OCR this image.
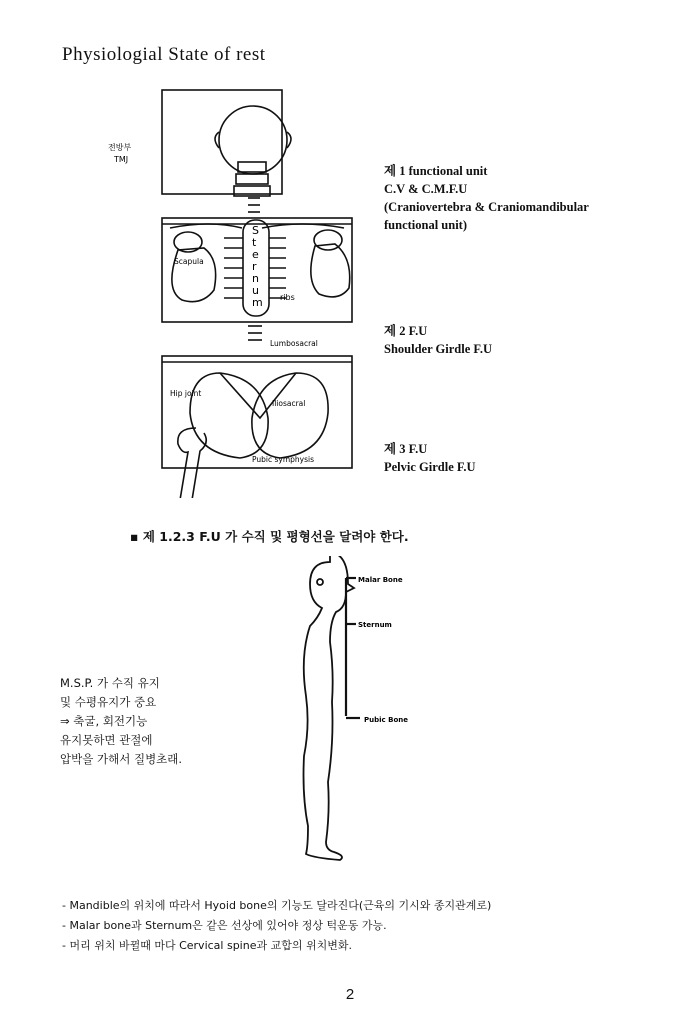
Physiologial State of rest
전방부
TMJ
Scapula
S
t
e
r
n
u
m ribs
Lumbosacral
Hip joint
Iliosacral
Pubic symphysis
제 1 functional unit
C.V & C.M.F.U
(Craniovertebra & Craniomandibular
functional unit)
제 2 F.U
Shoulder Girdle F.U
제 3 F.U
Pelvic Girdle F.U
▪ 제 1.2.3 F.U 가 수직 및 평형선을 달려야 한다.
Malar Bone
Sternum
Pubic Bone
M.S.P. 가 수직 유지
및 수평유지가 중요
⇒ 축굴, 회전기능
유지못하면 관절에
압박을 가해서 질병초래.
- Mandible의 위치에 따라서 Hyoid bone의 기능도 달라진다(근육의 기시와 종지관계로)
- Malar bone과 Sternum은 같은 선상에 있어야 정상 턱운동 가능.
- 머리 위치 바뀔때 마다 Cervical spine과 교합의 위치변화.
2
